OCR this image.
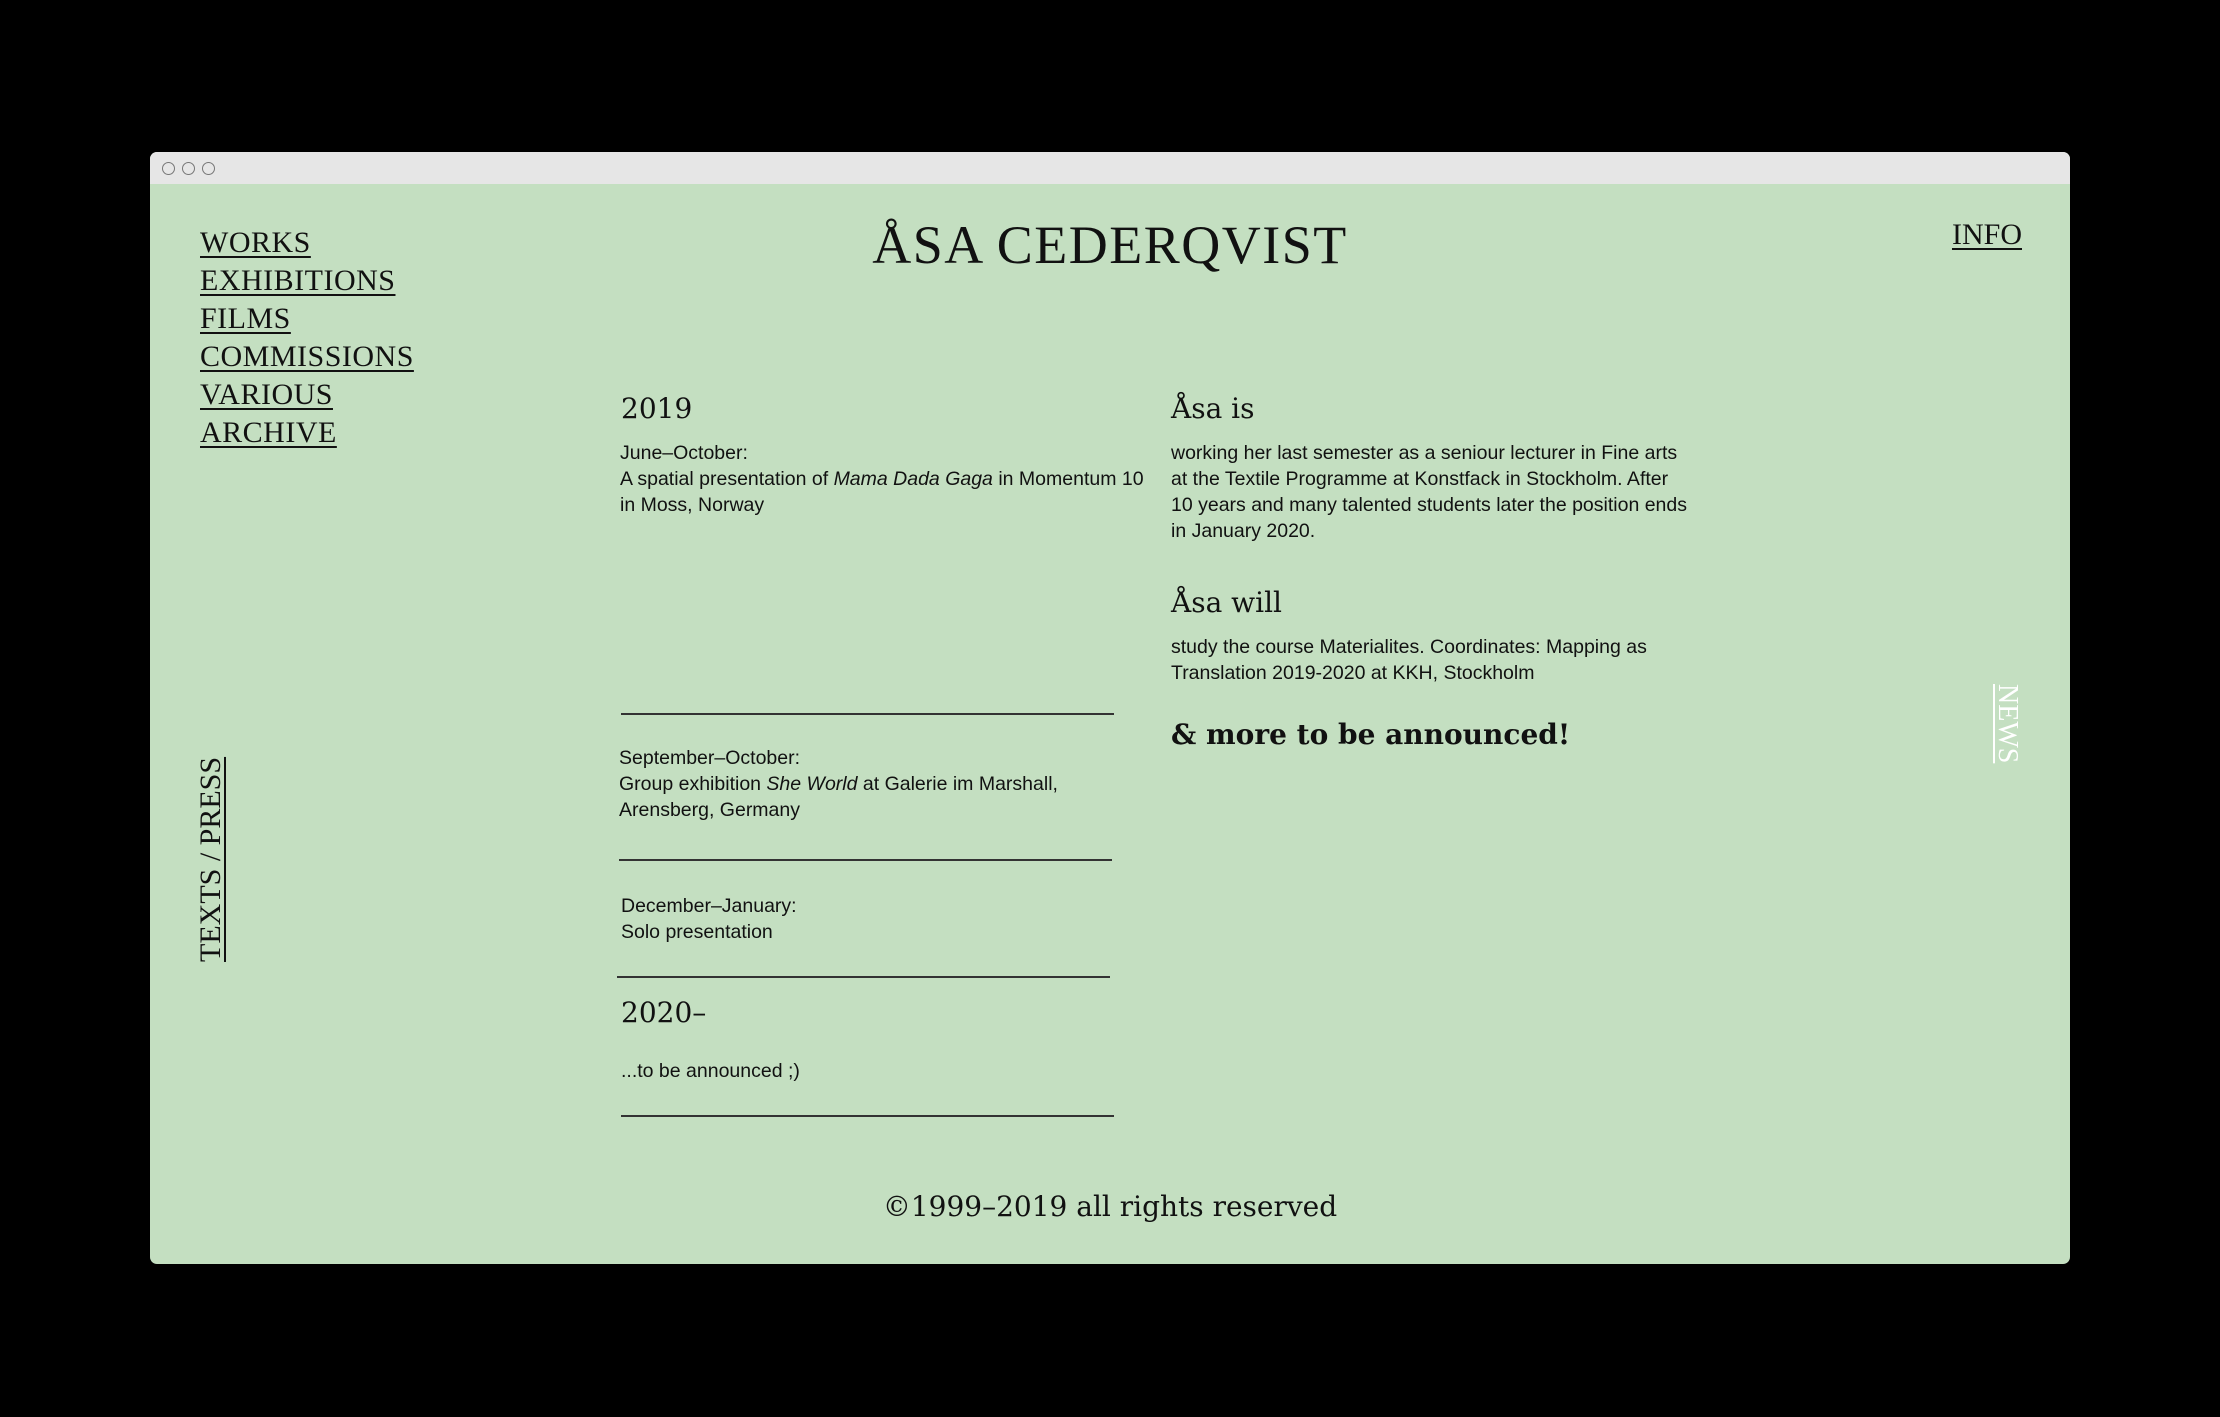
WORKS
EXHIBITIONS
FILMS
COMMISSIONS
VARIOUS
ARCHIVE
ÅSA CEDERQVIST	INFO
TEXTS / PRESS
NEWS
2019

June–October:

A spatial presentation of Mama Dada Gaga in Momentum 10 in Moss, Norway

September–October:

Group exhibition She World at Galerie im Marshall, Arensberg, Germany

December–January:

Solo presentation

2020–

...to be announced ;)

Åsa is

working her last semester as a seniour lecturer in Fine arts at the Textile Programme at Konstfack in Stockholm. After 10 years and many talented students later the position ends in January 2020.

Åsa will

study the course Materialites. Coordinates: Mapping as Translation 2019-2020 at KKH, Stockholm

& more to be announced!

©1999–2019 all rights reserved
